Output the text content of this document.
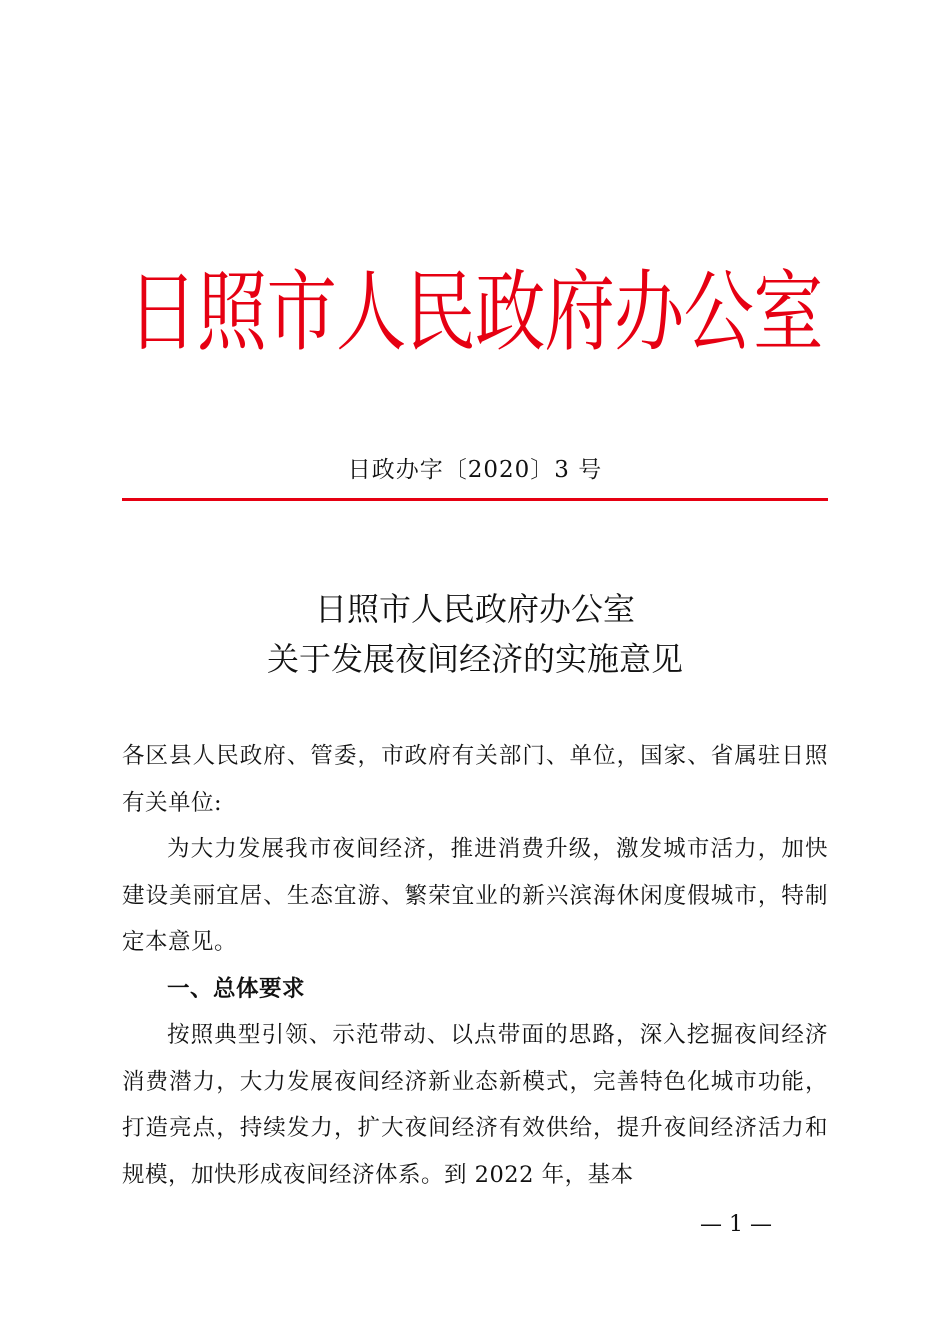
日照市人民政府办公室
日政办字〔2020〕3 号
日照市人民政府办公室
关于发展夜间经济的实施意见

各区县人民政府、管委，市政府有关部门、单位，国家、省属驻日照有关单位:

为大力发展我市夜间经济，推进消费升级，激发城市活力，加快建设美丽宜居、生态宜游、繁荣宜业的新兴滨海休闲度假城市，特制定本意见。

一、总体要求

按照典型引领、示范带动、以点带面的思路，深入挖掘夜间经济消费潜力，大力发展夜间经济新业态新模式，完善特色化城市功能，打造亮点，持续发力，扩大夜间经济有效供给，提升夜间经济活力和规模，加快形成夜间经济体系。到 2022 年，基本

— 1 —
